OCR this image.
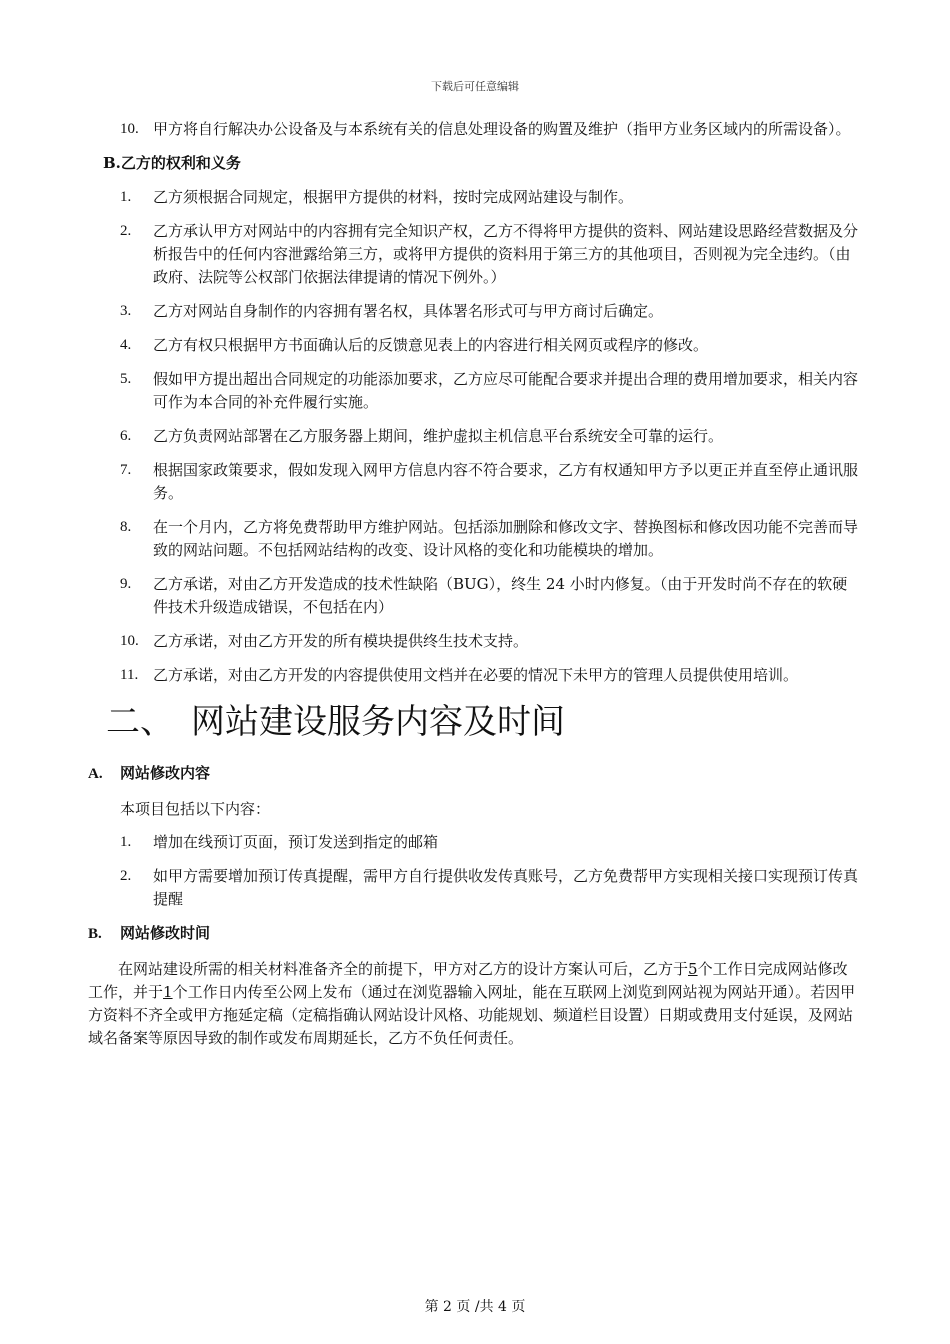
下载后可任意编辑
10. 甲方将自行解决办公设备及与本系统有关的信息处理设备的购置及维护（指甲方业务区域内的所需设备）。
B.乙方的权利和义务
1. 乙方须根据合同规定，根据甲方提供的材料，按时完成网站建设与制作。
2. 乙方承认甲方对网站中的内容拥有完全知识产权，乙方不得将甲方提供的资料、网站建设思路经营数据及分析报告中的任何内容泄露给第三方，或将甲方提供的资料用于第三方的其他项目，否则视为完全违约。（由政府、法院等公权部门依据法律提请的情况下例外。）
3. 乙方对网站自身制作的内容拥有署名权，具体署名形式可与甲方商讨后确定。
4. 乙方有权只根据甲方书面确认后的反馈意见表上的内容进行相关网页或程序的修改。
5. 假如甲方提出超出合同规定的功能添加要求，乙方应尽可能配合要求并提出合理的费用增加要求，相关内容可作为本合同的补充件履行实施。
6. 乙方负责网站部署在乙方服务器上期间，维护虚拟主机信息平台系统安全可靠的运行。
7. 根据国家政策要求，假如发现入网甲方信息内容不符合要求，乙方有权通知甲方予以更正并直至停止通讯服务。
8. 在一个月内，乙方将免费帮助甲方维护网站。包括添加删除和修改文字、替换图标和修改因功能不完善而导致的网站问题。不包括网站结构的改变、设计风格的变化和功能模块的增加。
9. 乙方承诺，对由乙方开发造成的技术性缺陷（BUG），终生 24 小时内修复。（由于开发时尚不存在的软硬件技术升级造成错误，不包括在内）
10. 乙方承诺，对由乙方开发的所有模块提供终生技术支持。
11. 乙方承诺，对由乙方开发的内容提供使用文档并在必要的情况下未甲方的管理人员提供使用培训。
二、 网站建设服务内容及时间
A. 网站修改内容
本项目包括以下内容：
1. 增加在线预订页面，预订发送到指定的邮箱
2. 如甲方需要增加预订传真提醒，需甲方自行提供收发传真账号，乙方免费帮甲方实现相关接口实现预订传真提醒
B. 网站修改时间

在网站建设所需的相关材料准备齐全的前提下，甲方对乙方的设计方案认可后，乙方于5个工作日完成网站修改工作，并于1个工作日内传至公网上发布（通过在浏览器输入网址，能在互联网上浏览到网站视为网站开通）。若因甲方资料不齐全或甲方拖延定稿（定稿指确认网站设计风格、功能规划、频道栏目设置）日期或费用支付延误，及网站域名备案等原因导致的制作或发布周期延长，乙方不负任何责任。

第 2 页 /共 4 页
